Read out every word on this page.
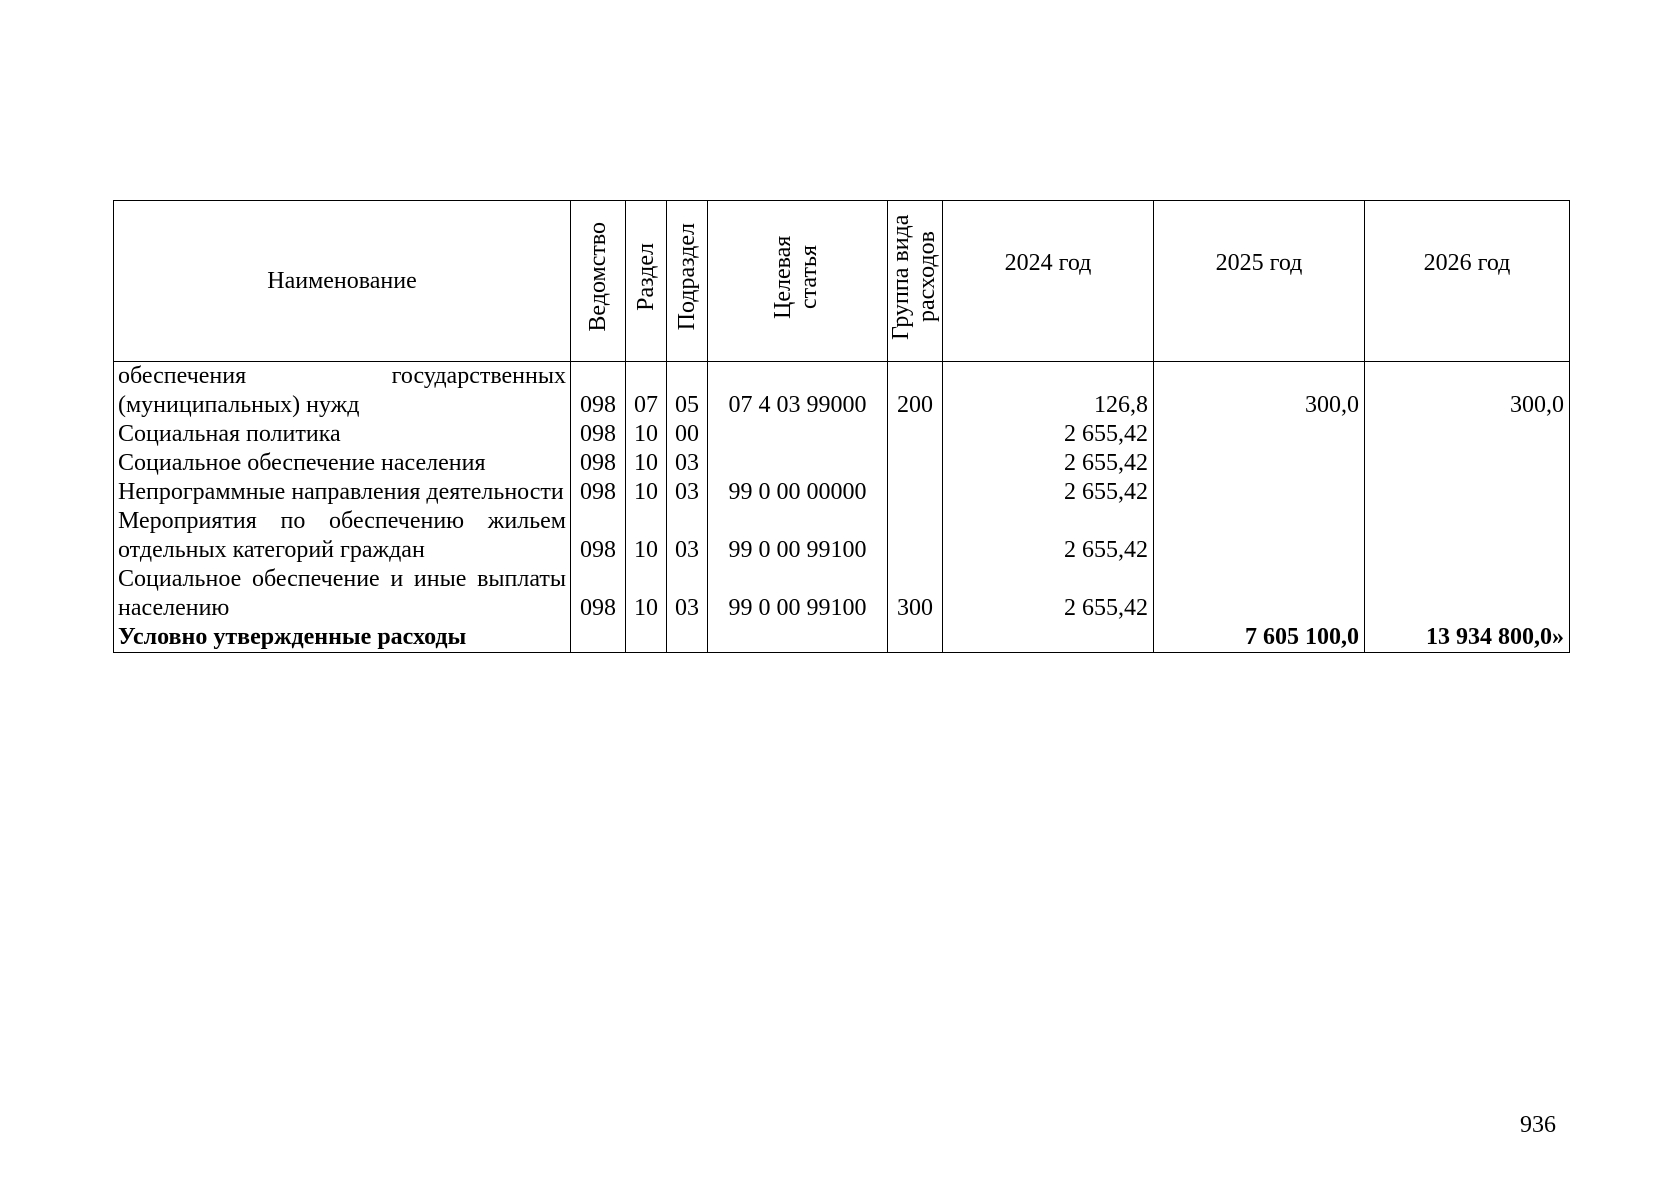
Наименование	Ведомство	Раздел	Подраздел	Целевая статья	Группа вида расходов	2024 год	2025 год	2026 год
обеспечения государственных (муниципальных) нужд	098	07	05	07 4 03 99000	200	126,8	300,0	300,0
Социальная политика	098	10	00			2 655,42		
Социальное обеспечение населения	098	10	03			2 655,42		
Непрограммные направления деятельности	098	10	03	99 0 00 00000		2 655,42		
Мероприятия по обеспечению жильем отдельных категорий граждан	098	10	03	99 0 00 99100		2 655,42		
Социальное обеспечение и иные выплаты населению	098	10	03	99 0 00 99100	300	2 655,42		
Условно утвержденные расходы							7 605 100,0	13 934 800,0»
936
